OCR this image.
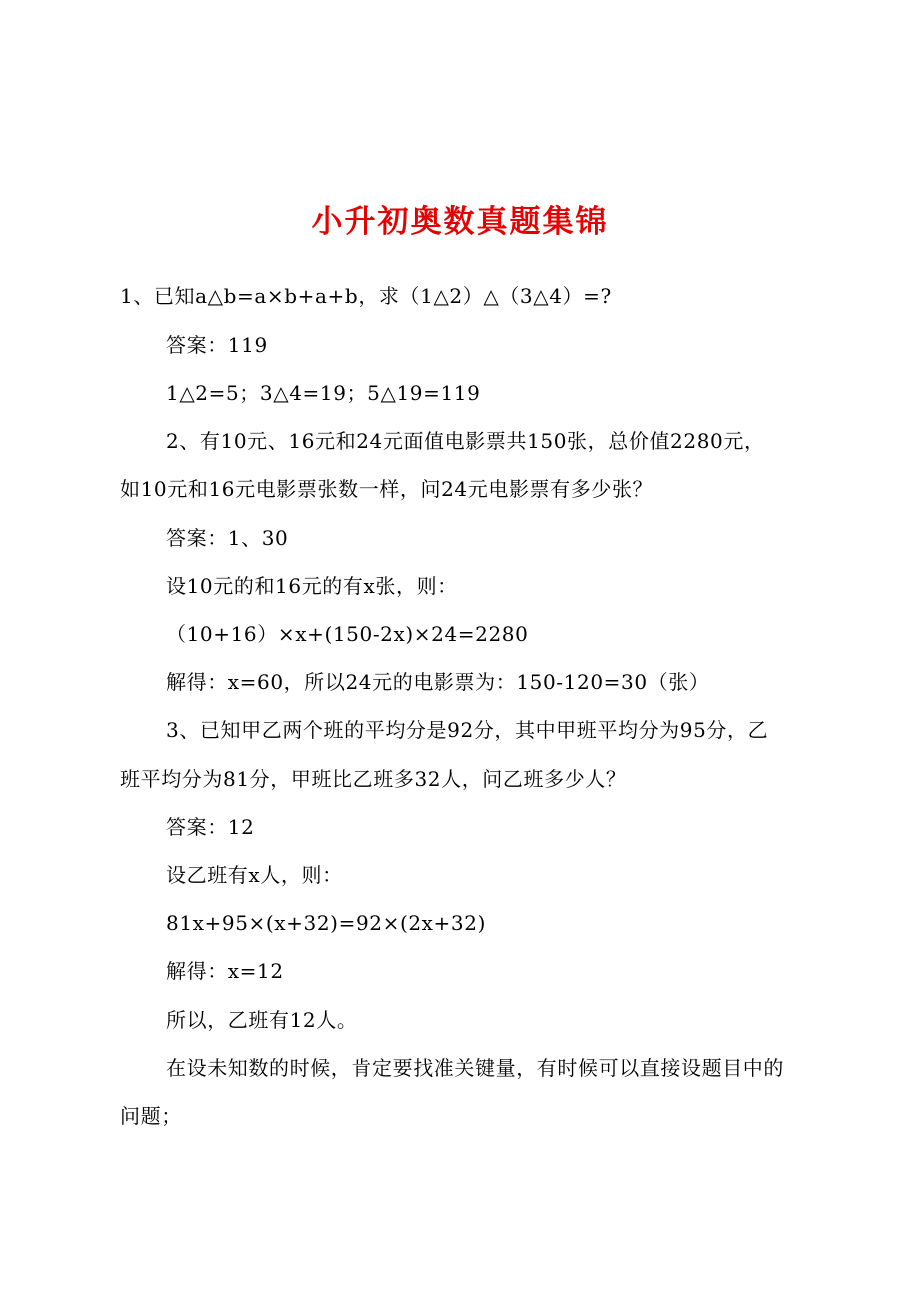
小升初奥数真题集锦
1、已知a△b=a×b+a+b，求（1△2）△（3△4）=?
答案：119
1△2=5；3△4=19；5△19=119
2、有10元、16元和24元面值电影票共150张，总价值2280元，
如10元和16元电影票张数一样，问24元电影票有多少张？
答案：1、30
设10元的和16元的有x张，则：
（10+16）×x+(150-2x)×24=2280
解得：x=60，所以24元的电影票为：150-120=30（张）
3、已知甲乙两个班的平均分是92分，其中甲班平均分为95分，乙
班平均分为81分，甲班比乙班多32人，问乙班多少人？
答案：12
设乙班有x人，则：
81x+95×(x+32)=92×(2x+32)
解得：x=12
所以，乙班有12人。
在设未知数的时候，肯定要找准关键量，有时候可以直接设题目中的
问题；
